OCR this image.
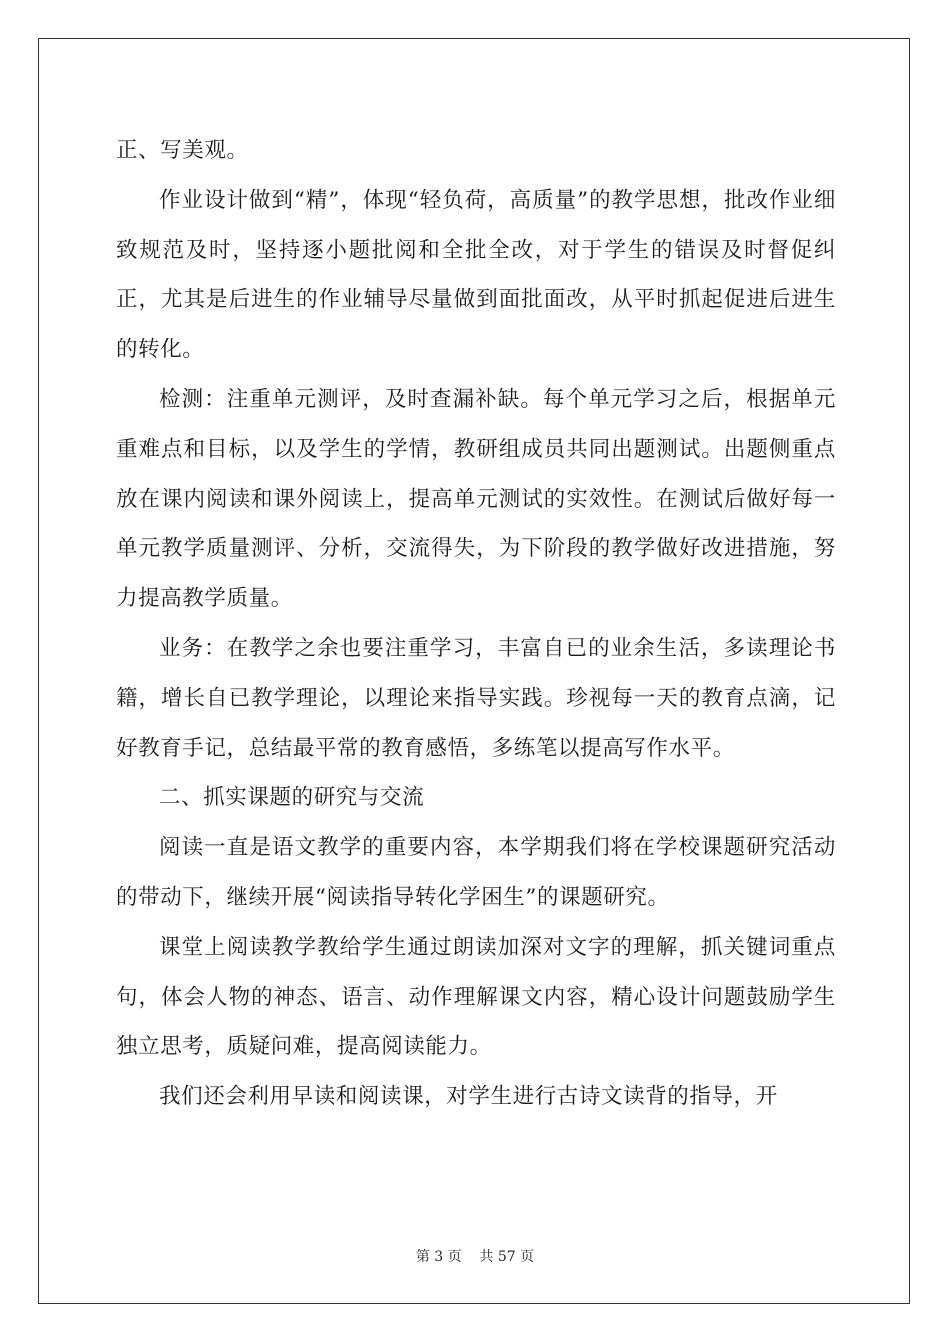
正、写美观。

作业设计做到“精”，体现“轻负荷，高质量”的教学思想，批改作业细致规范及时，坚持逐小题批阅和全批全改，对于学生的错误及时督促纠正，尤其是后进生的作业辅导尽量做到面批面改，从平时抓起促进后进生的转化。

检测：注重单元测评，及时查漏补缺。每个单元学习之后，根据单元重难点和目标，以及学生的学情，教研组成员共同出题测试。出题侧重点放在课内阅读和课外阅读上，提高单元测试的实效性。在测试后做好每一单元教学质量测评、分析，交流得失，为下阶段的教学做好改进措施，努力提高教学质量。

业务：在教学之余也要注重学习，丰富自已的业余生活，多读理论书籍，增长自已教学理论，以理论来指导实践。珍视每一天的教育点滴，记好教育手记，总结最平常的教育感悟，多练笔以提高写作水平。

二、抓实课题的研究与交流

阅读一直是语文教学的重要内容，本学期我们将在学校课题研究活动的带动下，继续开展“阅读指导转化学困生”的课题研究。

课堂上阅读教学教给学生通过朗读加深对文字的理解，抓关键词重点句，体会人物的神态、语言、动作理解课文内容，精心设计问题鼓励学生独立思考，质疑问难，提高阅读能力。

我们还会利用早读和阅读课，对学生进行古诗文读背的指导，开

第 3 页    共 57 页
